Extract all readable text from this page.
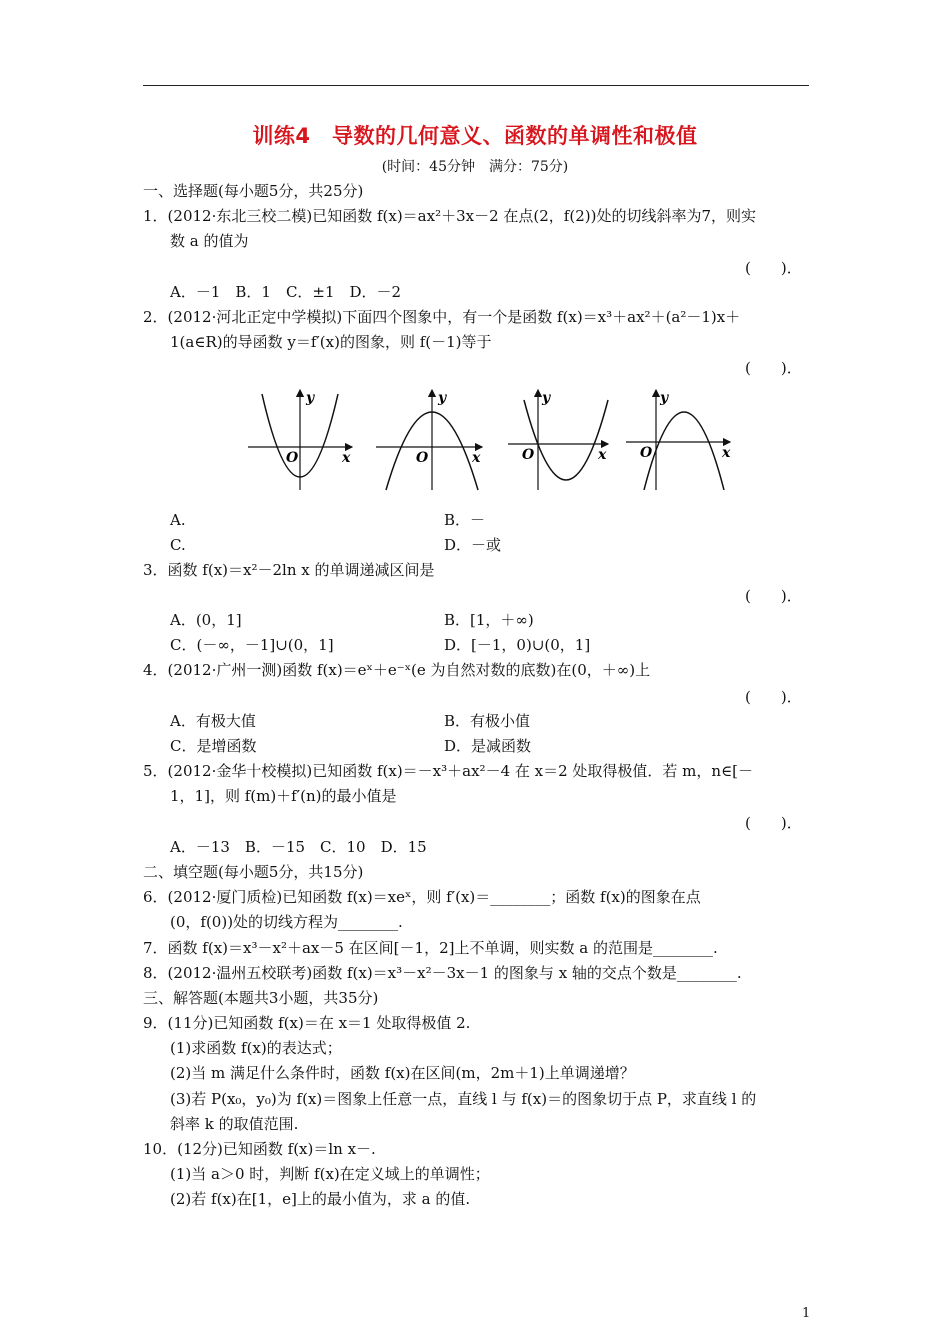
训练4　导数的几何意义、函数的单调性和极值
(时间：45分钟　满分：75分)
一、选择题(每小题5分，共25分)
1．(2012·东北三校二模)已知函数 f(x)＝ax²＋3x－2 在点(2，f(2))处的切线斜率为7，则实
数 a 的值为
(　　)．
A．－1　B．1　C．±1　D．－2
2．(2012·河北正定中学模拟)下面四个图象中，有一个是函数 f(x)＝x³＋ax²＋(a²－1)x＋
1(a∈R)的导函数 y＝f′(x)的图象，则 f(－1)等于
(　　)．
y
x
O
y
x
O
y
x
O
y
x
O
A.	B．－
C.	D．－或
3．函数 f(x)＝x²－2ln x 的单调递减区间是
(　　)．
A．(0，1]	B．[1，＋∞)
C．(－∞，－1]∪(0，1]	D．[－1，0)∪(0，1]
4．(2012·广州一测)函数 f(x)＝eˣ＋e⁻ˣ(e 为自然对数的底数)在(0，＋∞)上
(　　)．
A．有极大值	B．有极小值
C．是增函数	D．是减函数
5．(2012·金华十校模拟)已知函数 f(x)＝－x³＋ax²－4 在 x＝2 处取得极值．若 m，n∈[－
1，1]，则 f(m)＋f′(n)的最小值是
(　　)．
A．－13　B．－15　C．10　D．15
二、填空题(每小题5分，共15分)
6．(2012·厦门质检)已知函数 f(x)＝xeˣ，则 f′(x)＝________；函数 f(x)的图象在点
(0，f(0))处的切线方程为________.
7．函数 f(x)＝x³－x²＋ax－5 在区间[－1，2]上不单调，则实数 a 的范围是________.
8．(2012·温州五校联考)函数 f(x)＝x³－x²－3x－1 的图象与 x 轴的交点个数是________.
三、解答题(本题共3小题，共35分)
9．(11分)已知函数 f(x)＝在 x＝1 处取得极值 2.
(1)求函数 f(x)的表达式；
(2)当 m 满足什么条件时，函数 f(x)在区间(m，2m＋1)上单调递增？
(3)若 P(x₀，y₀)为 f(x)＝图象上任意一点，直线 l 与 f(x)＝的图象切于点 P，求直线 l 的
斜率 k 的取值范围.
10．(12分)已知函数 f(x)＝ln x－.
(1)当 a＞0 时，判断 f(x)在定义域上的单调性；
(2)若 f(x)在[1，e]上的最小值为，求 a 的值.
1
